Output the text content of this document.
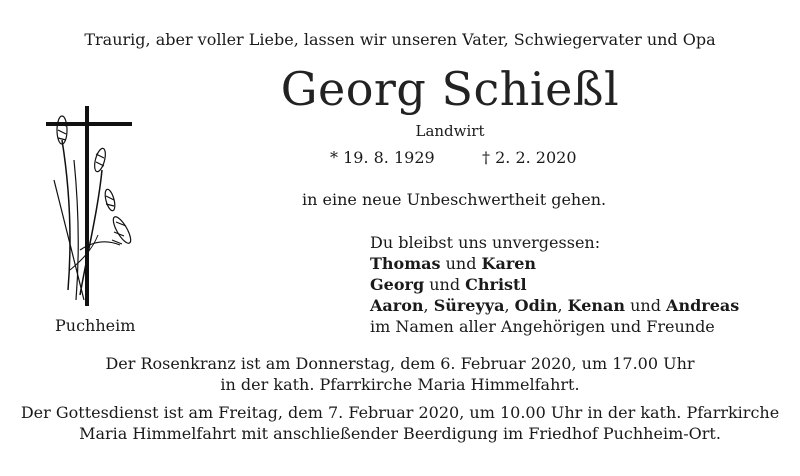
Traurig, aber voller Liebe, lassen wir unseren Vater, Schwiegervater und Opa
Georg Schießl
Landwirt
* 19. 8. 1929	† 2. 2. 2020
in eine neue Unbeschwertheit gehen.
Du bleibst uns unvergessen:
Thomas und Karen
Georg und Christl
Aaron, Süreyya, Odin, Kenan und Andreas
im Namen aller Angehörigen und Freunde
Puchheim
Der Rosenkranz ist am Donnerstag, dem 6. Februar 2020, um 17.00 Uhr
in der kath. Pfarrkirche Maria Himmelfahrt.
Der Gottesdienst ist am Freitag, dem 7. Februar 2020, um 10.00 Uhr in der kath. Pfarrkirche
Maria Himmelfahrt mit anschließender Beerdigung im Friedhof Puchheim-Ort.
